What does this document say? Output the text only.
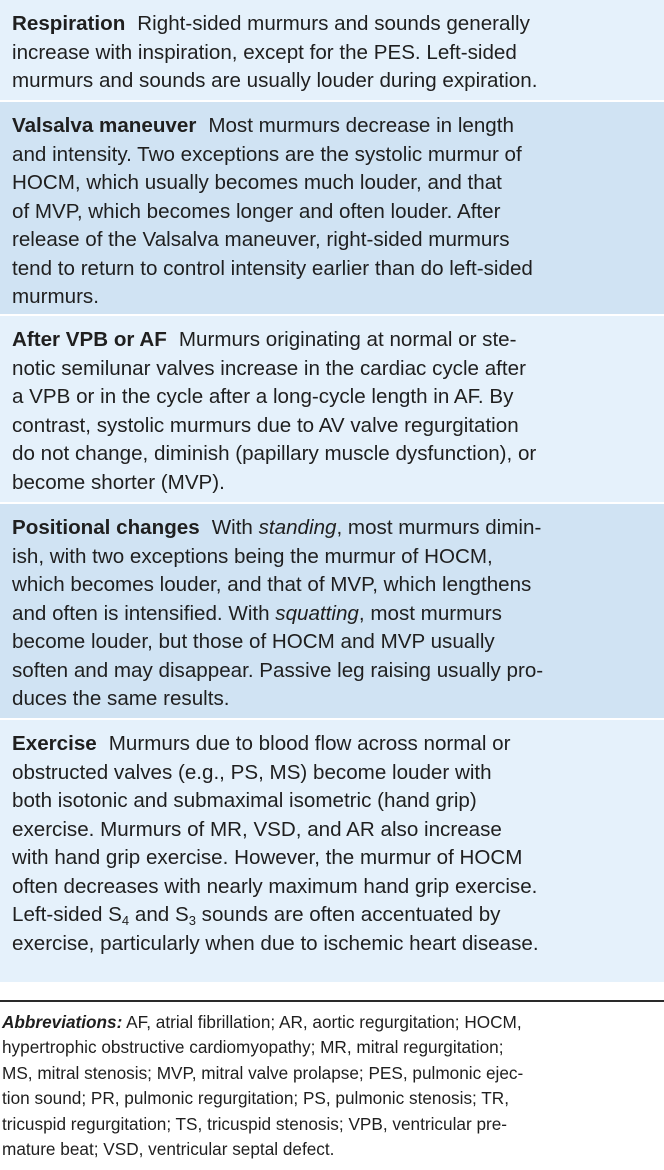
Respiration Right-sided murmurs and sounds generally
increase with inspiration, except for the PES. Left-sided
murmurs and sounds are usually louder during expiration.

Valsalva maneuver Most murmurs decrease in length
and intensity. Two exceptions are the systolic murmur of
HOCM, which usually becomes much louder, and that
of MVP, which becomes longer and often louder. After
release of the Valsalva maneuver, right-sided murmurs
tend to return to control intensity earlier than do left-sided
murmurs.

After VPB or AF Murmurs originating at normal or ste-
notic semilunar valves increase in the cardiac cycle after
a VPB or in the cycle after a long-cycle length in AF. By
contrast, systolic murmurs due to AV valve regurgitation
do not change, diminish (papillary muscle dysfunction), or
become shorter (MVP).

Positional changes With standing, most murmurs dimin-
ish, with two exceptions being the murmur of HOCM,
which becomes louder, and that of MVP, which lengthens
and often is intensified. With squatting, most murmurs
become louder, but those of HOCM and MVP usually
soften and may disappear. Passive leg raising usually pro-
duces the same results.

Exercise Murmurs due to blood flow across normal or
obstructed valves (e.g., PS, MS) become louder with
both isotonic and submaximal isometric (hand grip)
exercise. Murmurs of MR, VSD, and AR also increase
with hand grip exercise. However, the murmur of HOCM
often decreases with nearly maximum hand grip exercise.
Left-sided $S_4$ and $S_3$ sounds are often accentuated by
exercise, particularly when due to ischemic heart disease.

Abbreviations: AF, atrial fibrillation; AR, aortic regurgitation; HOCM,
hypertrophic obstructive cardiomyopathy; MR, mitral regurgitation;
MS, mitral stenosis; MVP, mitral valve prolapse; PES, pulmonic ejec-
tion sound; PR, pulmonic regurgitation; PS, pulmonic stenosis; TR,
tricuspid regurgitation; TS, tricuspid stenosis; VPB, ventricular pre-
mature beat; VSD, ventricular septal defect.
